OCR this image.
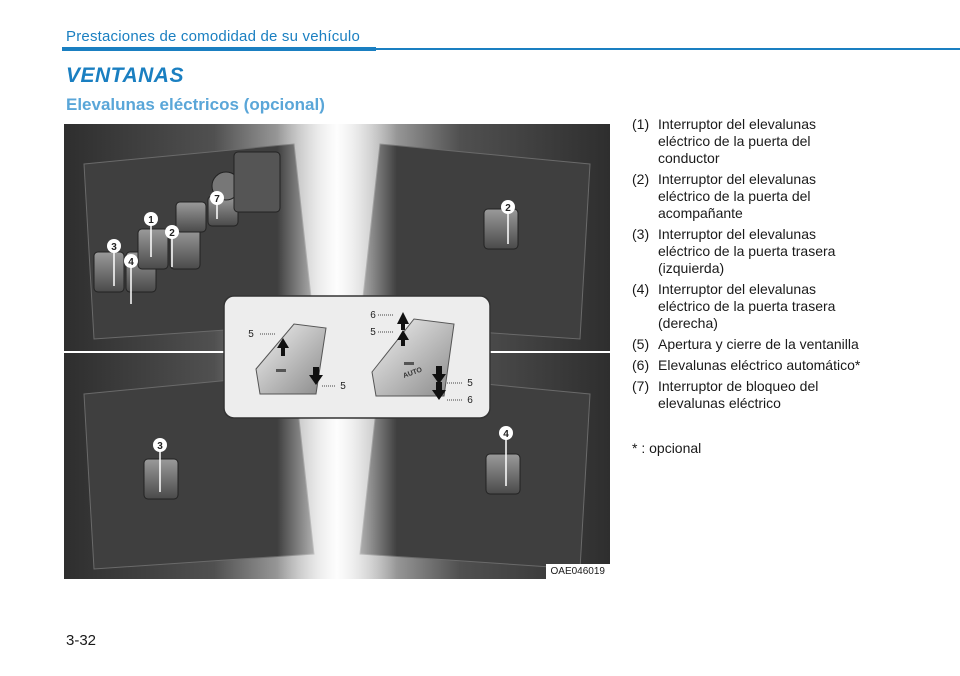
Prestaciones de comodidad de su vehículo
VENTANAS
Elevalunas eléctricos (opcional)
1
2
3
4
7
2
3
4
5
5
AUTO
6
5
5
6
OAE046019
(1) Interruptor del elevalunas
eléctrico de la puerta del
conductor
(2) Interruptor del elevalunas
eléctrico de la puerta del
acompañante
(3) Interruptor del elevalunas
eléctrico de la puerta trasera
(izquierda)
(4) Interruptor del elevalunas
eléctrico de la puerta trasera
(derecha)
(5) Apertura y cierre de la ventanilla
(6) Elevalunas eléctrico automático*
(7) Interruptor de bloqueo del
elevalunas eléctrico
* : opcional
3-32
